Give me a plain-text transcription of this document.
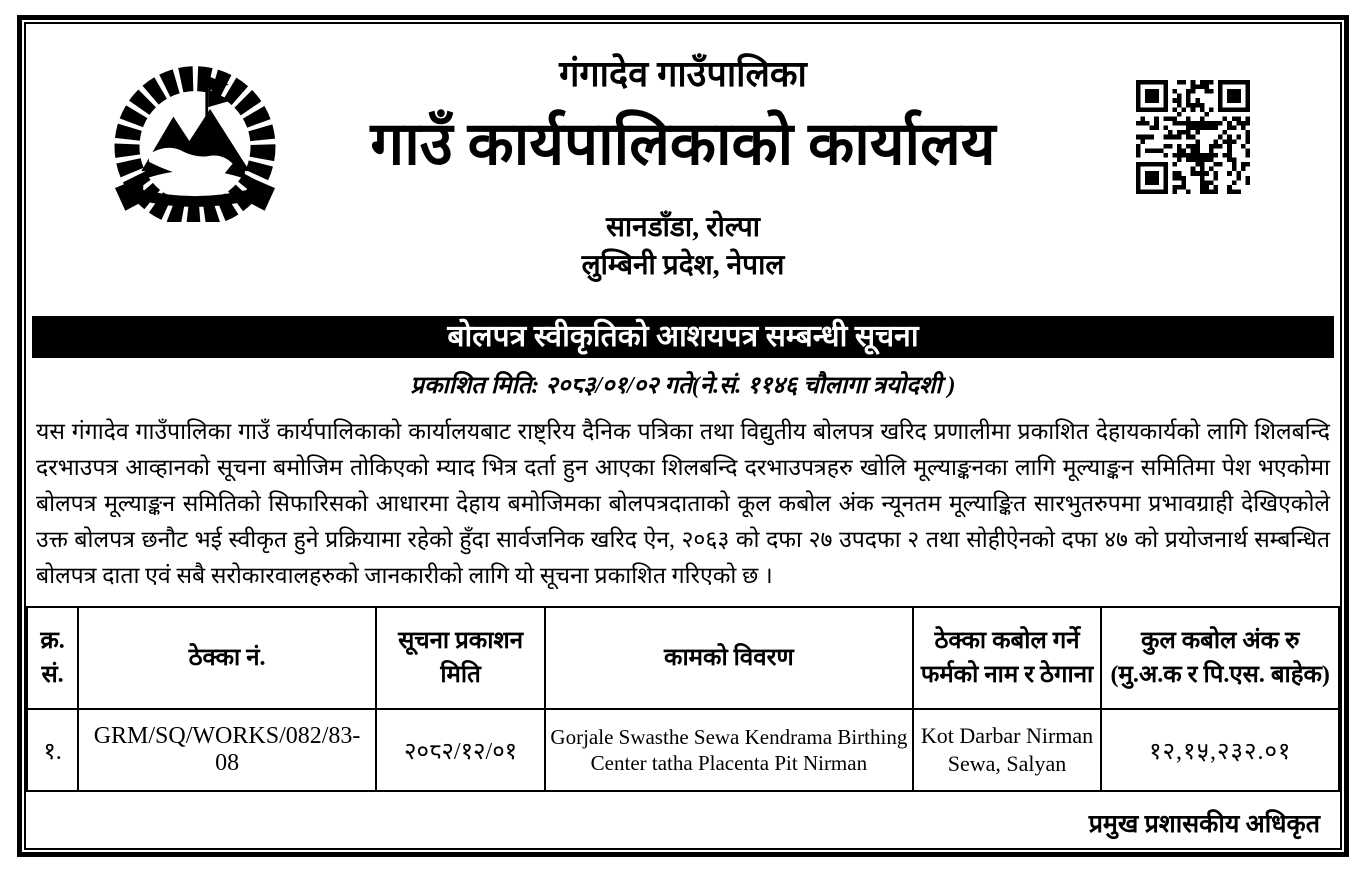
गंगादेव गाउँपालिका
गाउँ कार्यपालिकाको कार्यालय
सानडाँडा, रोल्पा
लुम्बिनी प्रदेश, नेपाल
बोलपत्र स्वीकृतिको आशयपत्र सम्बन्धी सूचना
प्रकाशित मिति: २०८३/०१/०२ गते(ने.सं. ११४६ चौलागा त्रयोदशी )

यस गंगादेव गाउँपालिका गाउँ कार्यपालिकाको कार्यालयबाट राष्ट्रिय दैनिक पत्रिका तथा विद्युतीय बोलपत्र खरिद प्रणालीमा प्रकाशित देहायकार्यको लागि शिलबन्दि दरभाउपत्र आव्हानको सूचना बमोजिम तोकिएको म्याद भित्र दर्ता हुन आएका शिलबन्दि दरभाउपत्रहरु खोलि मूल्याङ्कनका लागि मूल्याङ्कन समितिमा पेश भएकोमा बोलपत्र मूल्याङ्कन समितिको सिफारिसको आधारमा देहाय बमोजिमका बोलपत्रदाताको कूल कबोल अंक न्यूनतम मूल्याङ्कित सारभुतरुपमा प्रभावग्राही देखिएकोले उक्त बोलपत्र छनौट भई स्वीकृत हुने प्रक्रियामा रहेको हुँदा सार्वजनिक खरिद ऐन, २०६३ को दफा २७ उपदफा २ तथा सोहीऐनको दफा ४७ को प्रयोजनार्थ सम्बन्धित बोलपत्र दाता एवं सबै सरोकारवालहरुको जानकारीको लागि यो सूचना प्रकाशित गरिएको छ ।

क्र. सं.	ठेक्का नं.	सूचना प्रकाशन मिति	कामको विवरण	ठेक्का कबोल गर्ने फर्मको नाम र ठेगाना	कुल कबोल अंक रु (मु.अ.क र पि.एस. बाहेक)
१.	GRM/SQ/WORKS/082/83-08	२०८२/१२/०१	Gorjale Swasthe Sewa Kendrama Birthing Center tatha Placenta Pit Nirman	Kot Darbar Nirman Sewa, Salyan	१२,१५,२३२.०१
प्रमुख प्रशासकीय अधिकृत
